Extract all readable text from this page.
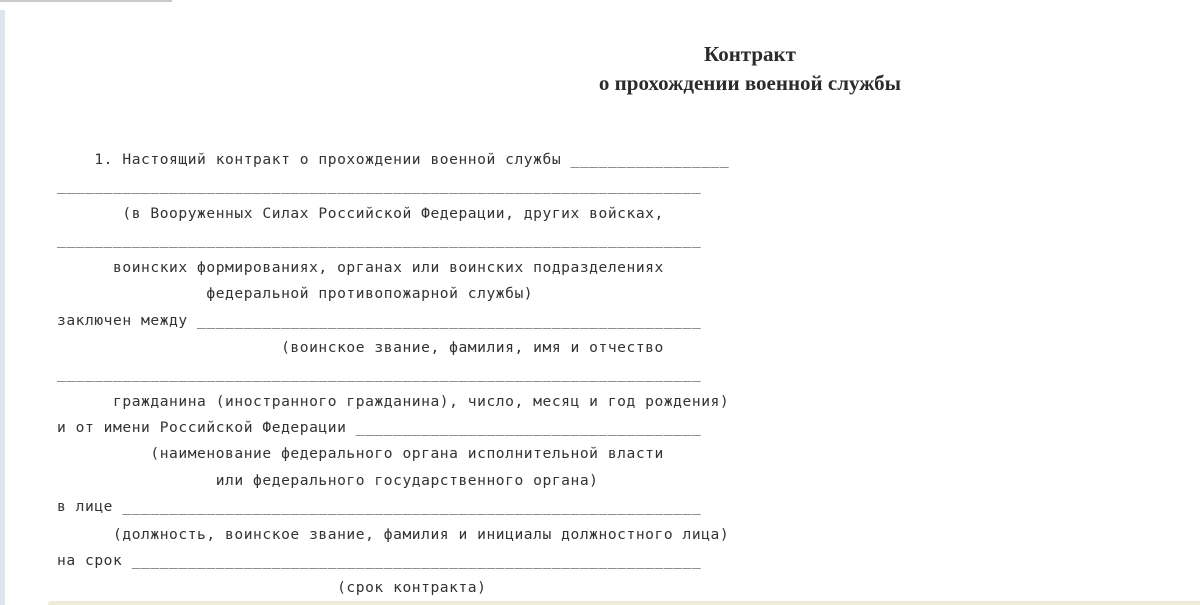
Контракт
о прохождении военной службы
1. Настоящий контракт о прохождении военной службы _________________
_____________________________________________________________________
(в Вооруженных Силах Российской Федерации, других войсках,
_____________________________________________________________________
воинских формированиях, органах или воинских подразделениях
федеральной противопожарной службы)
заключен между ______________________________________________________
(воинское звание, фамилия, имя и отчество
_____________________________________________________________________
гражданина (иностранного гражданина), число, месяц и год рождения)
и от имени Российской Федерации _____________________________________
(наименование федерального органа исполнительной власти
или федерального государственного органа)
в лице ______________________________________________________________
(должность, воинское звание, фамилия и инициалы должностного лица)
на срок _____________________________________________________________
(срок контракта)
